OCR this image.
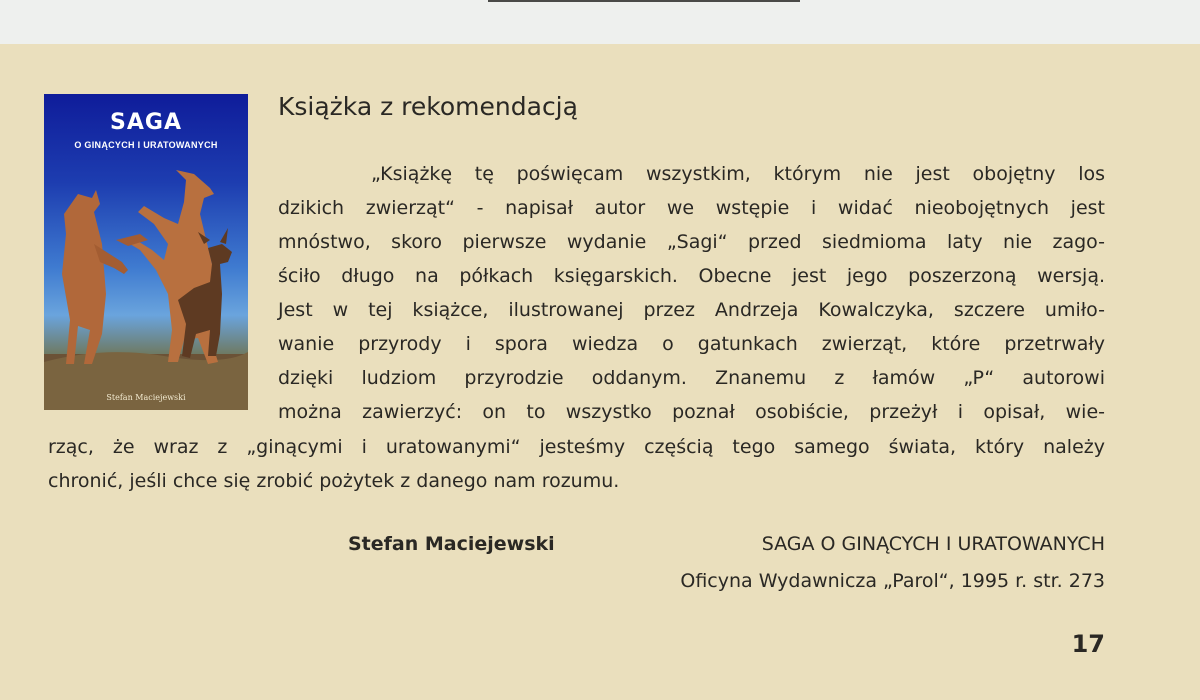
SAGA
O GINĄCYCH I URATOWANYCH
Stefan Maciejewski
Książka z rekomendacją
„Książkę tę poświęcam wszystkim, którym nie jest obojętny los
dzikich zwierząt“ - napisał autor we wstępie i widać nieobojętnych jest
mnóstwo, skoro pierwsze wydanie „Sagi“ przed siedmioma laty nie zago-
ściło długo na półkach księgarskich. Obecne jest jego poszerzoną wersją.
Jest w tej książce, ilustrowanej przez Andrzeja Kowalczyka, szczere umiło-
wanie przyrody i spora wiedza o gatunkach zwierząt, które przetrwały
dzięki ludziom przyrodzie oddanym. Znanemu z łamów „P“ autorowi
można zawierzyć: on to wszystko poznał osobiście, przeżył i opisał, wie-
rząc, że wraz z „ginącymi i uratowanymi“ jesteśmy częścią tego samego świata, który należy
chronić, jeśli chce się zrobić pożytek z danego nam rozumu.
Stefan Maciejewski	SAGA O GINĄCYCH I URATOWANYCH
Oficyna Wydawnicza „Parol“, 1995 r. str. 273
17
